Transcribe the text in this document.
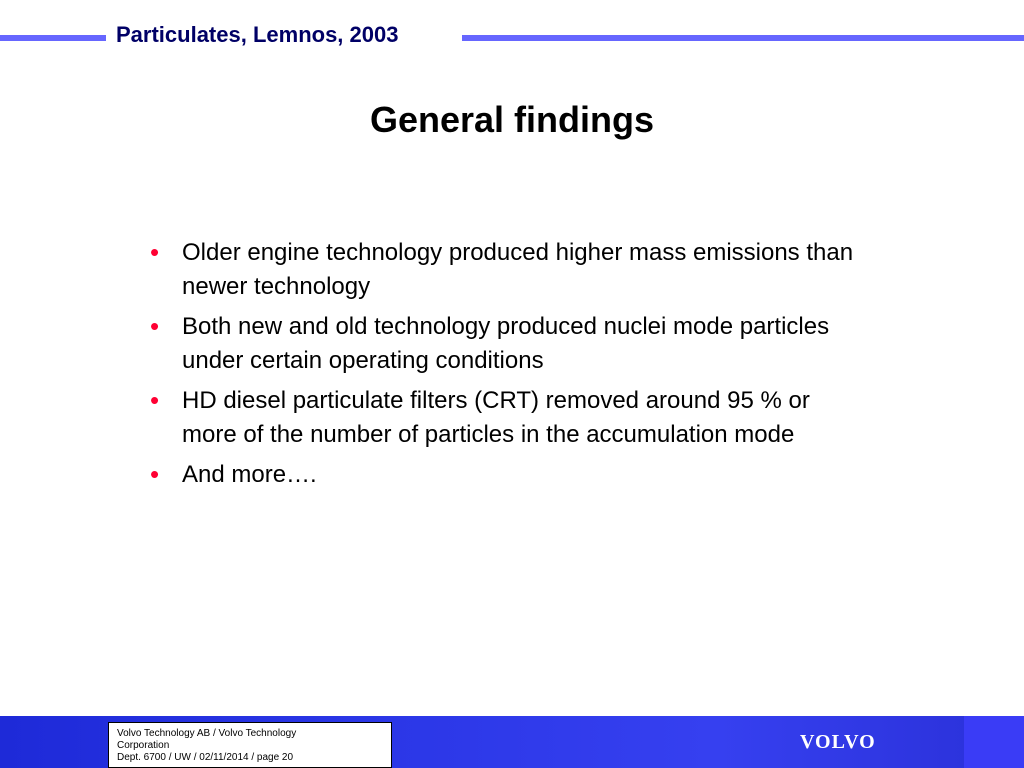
Particulates, Lemnos, 2003
General findings
• Older engine technology produced higher mass emissions than newer technology
• Both new and old technology produced nuclei mode particles under certain operating conditions
• HD diesel particulate filters (CRT) removed around 95 % or more of the number of particles in the accumulation mode
• And more….
Volvo Technology AB / Volvo Technology
Corporation
Dept. 6700 / UW / 02/11/2014 / page 20
VOLVO
